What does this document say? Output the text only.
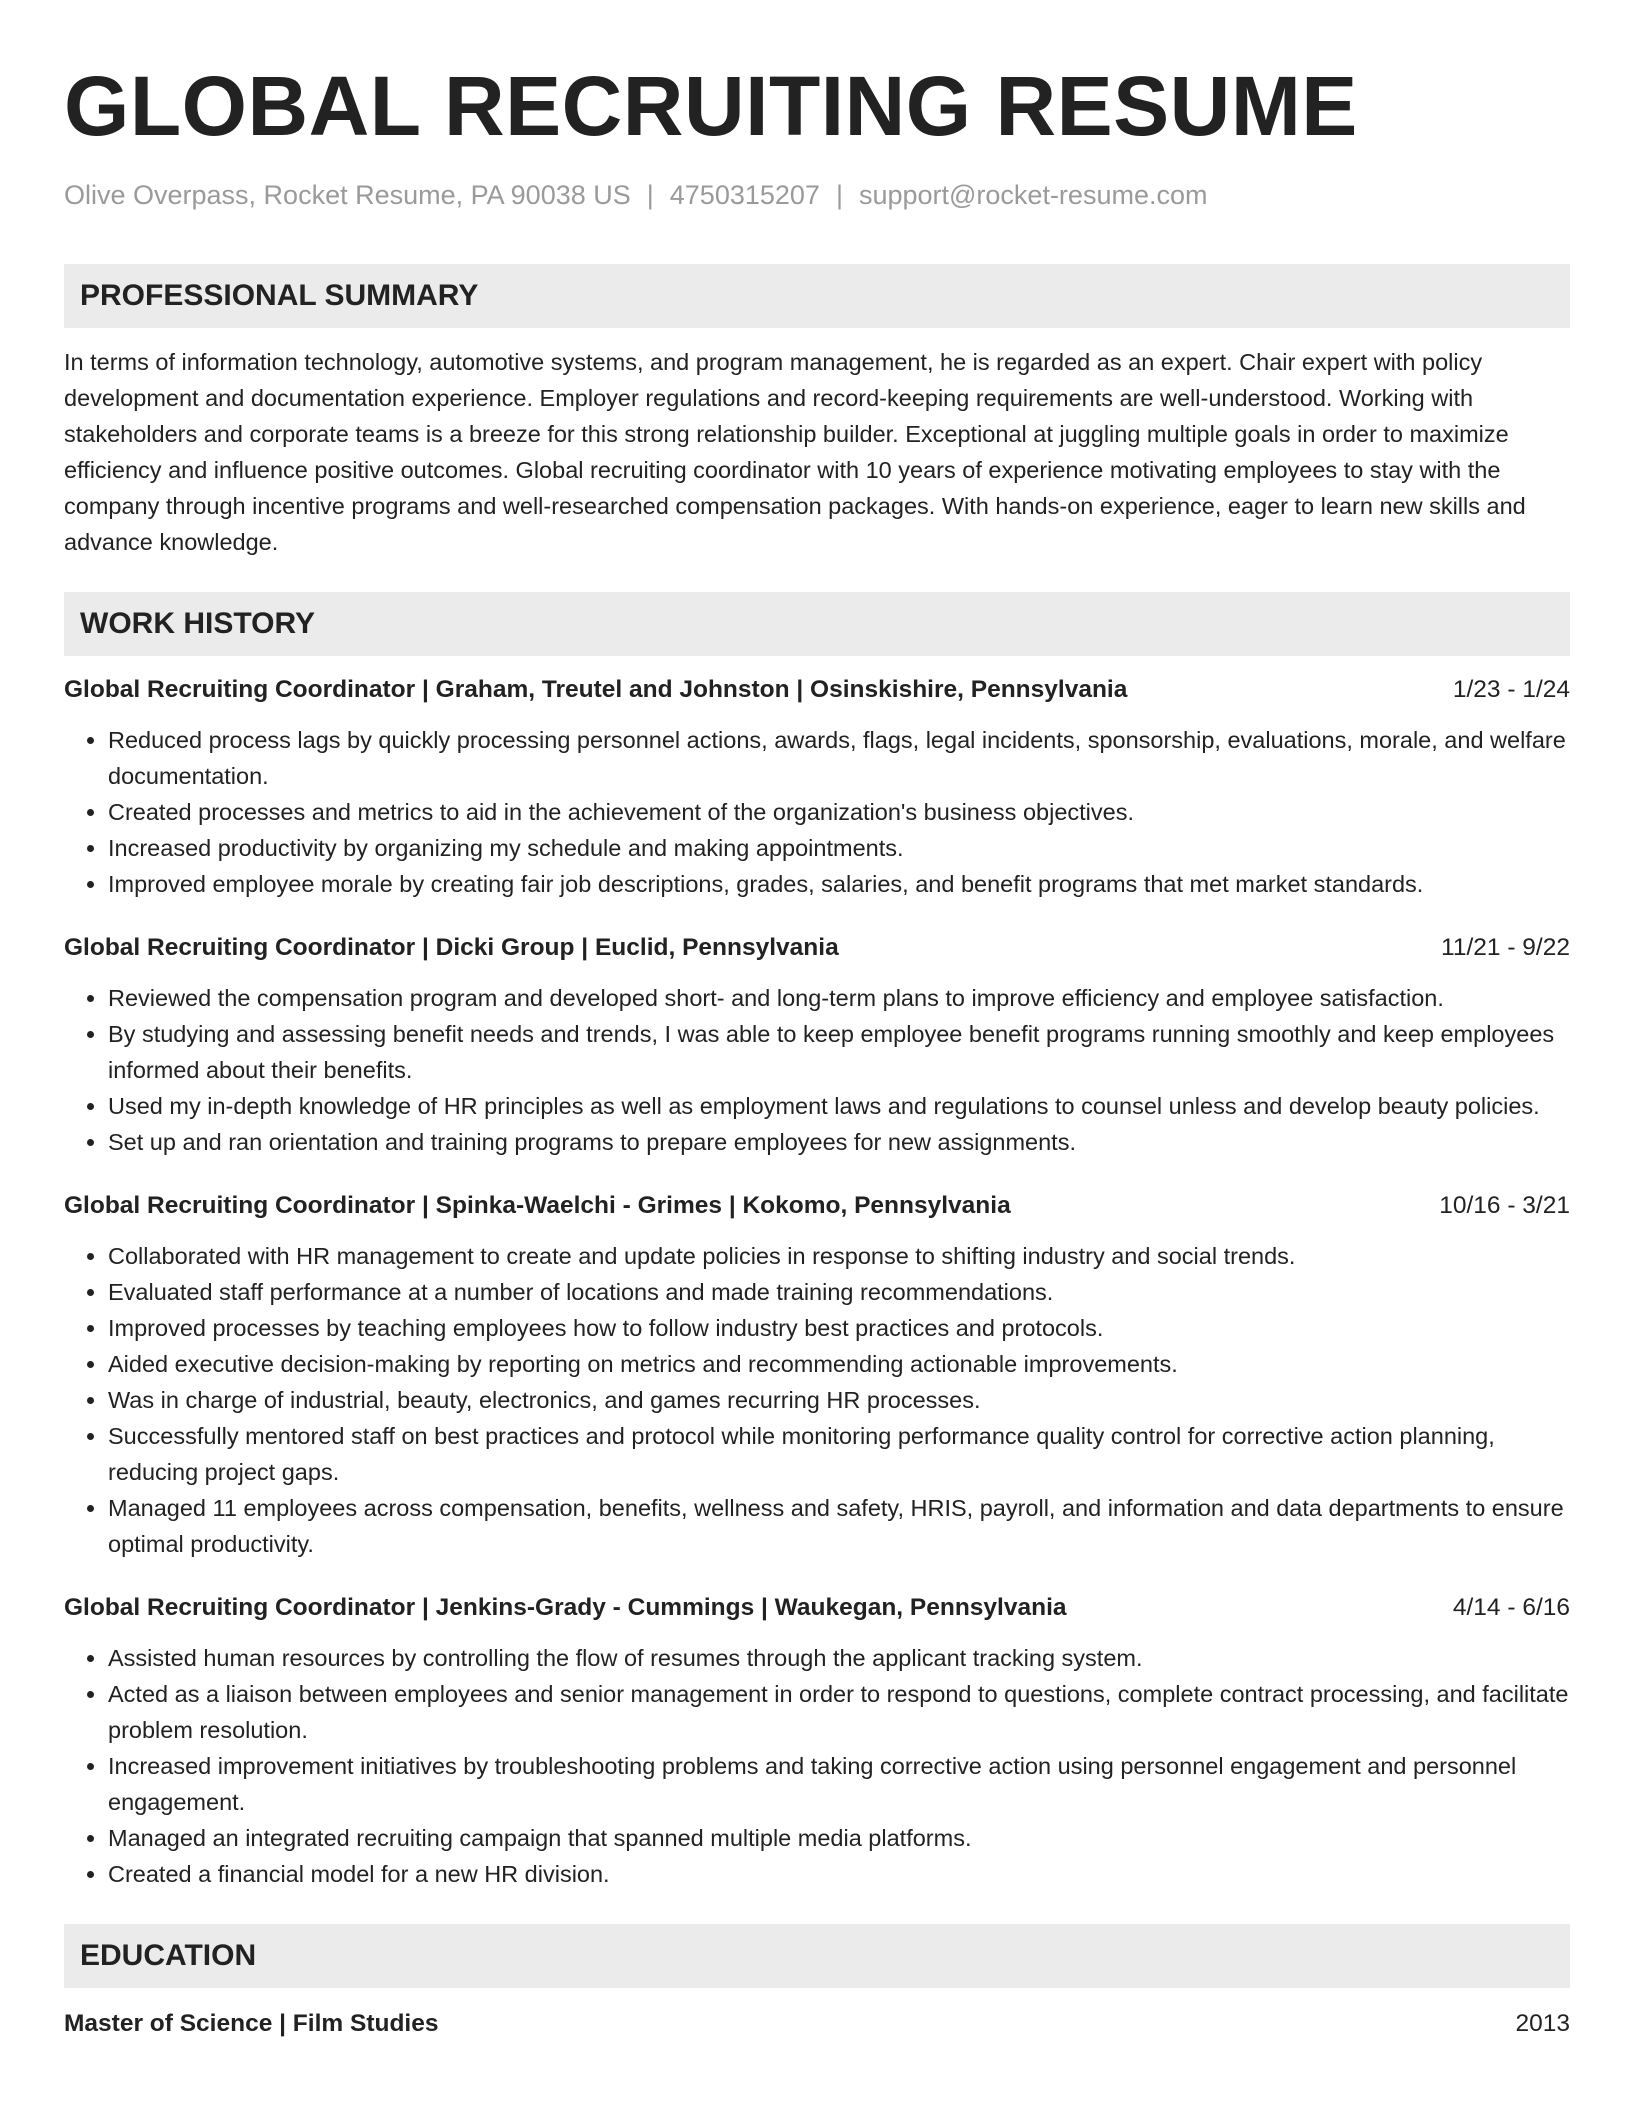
GLOBAL RECRUITING RESUME
Olive Overpass, Rocket Resume, PA 90038 US | 4750315207 | support@rocket-resume.com
PROFESSIONAL SUMMARY
In terms of information technology, automotive systems, and program management, he is regarded as an expert. Chair expert with policy development and documentation experience. Employer regulations and record-keeping requirements are well-understood. Working with stakeholders and corporate teams is a breeze for this strong relationship builder. Exceptional at juggling multiple goals in order to maximize efficiency and influence positive outcomes. Global recruiting coordinator with 10 years of experience motivating employees to stay with the company through incentive programs and well-researched compensation packages. With hands-on experience, eager to learn new skills and advance knowledge.
WORK HISTORY
Global Recruiting Coordinator | Graham, Treutel and Johnston | Osinskishire, Pennsylvania	1/23 - 1/24
• Reduced process lags by quickly processing personnel actions, awards, flags, legal incidents, sponsorship, evaluations, morale, and welfare documentation.
• Created processes and metrics to aid in the achievement of the organization's business objectives.
• Increased productivity by organizing my schedule and making appointments.
• Improved employee morale by creating fair job descriptions, grades, salaries, and benefit programs that met market standards.
Global Recruiting Coordinator | Dicki Group | Euclid, Pennsylvania	11/21 - 9/22
• Reviewed the compensation program and developed short- and long-term plans to improve efficiency and employee satisfaction.
• By studying and assessing benefit needs and trends, I was able to keep employee benefit programs running smoothly and keep employees informed about their benefits.
• Used my in-depth knowledge of HR principles as well as employment laws and regulations to counsel unless and develop beauty policies.
• Set up and ran orientation and training programs to prepare employees for new assignments.
Global Recruiting Coordinator | Spinka-Waelchi - Grimes | Kokomo, Pennsylvania	10/16 - 3/21
• Collaborated with HR management to create and update policies in response to shifting industry and social trends.
• Evaluated staff performance at a number of locations and made training recommendations.
• Improved processes by teaching employees how to follow industry best practices and protocols.
• Aided executive decision-making by reporting on metrics and recommending actionable improvements.
• Was in charge of industrial, beauty, electronics, and games recurring HR processes.
• Successfully mentored staff on best practices and protocol while monitoring performance quality control for corrective action planning, reducing project gaps.
• Managed 11 employees across compensation, benefits, wellness and safety, HRIS, payroll, and information and data departments to ensure optimal productivity.
Global Recruiting Coordinator | Jenkins-Grady - Cummings | Waukegan, Pennsylvania	4/14 - 6/16
• Assisted human resources by controlling the flow of resumes through the applicant tracking system.
• Acted as a liaison between employees and senior management in order to respond to questions, complete contract processing, and facilitate problem resolution.
• Increased improvement initiatives by troubleshooting problems and taking corrective action using personnel engagement and personnel engagement.
• Managed an integrated recruiting campaign that spanned multiple media platforms.
• Created a financial model for a new HR division.
EDUCATION
Master of Science | Film Studies	2013
